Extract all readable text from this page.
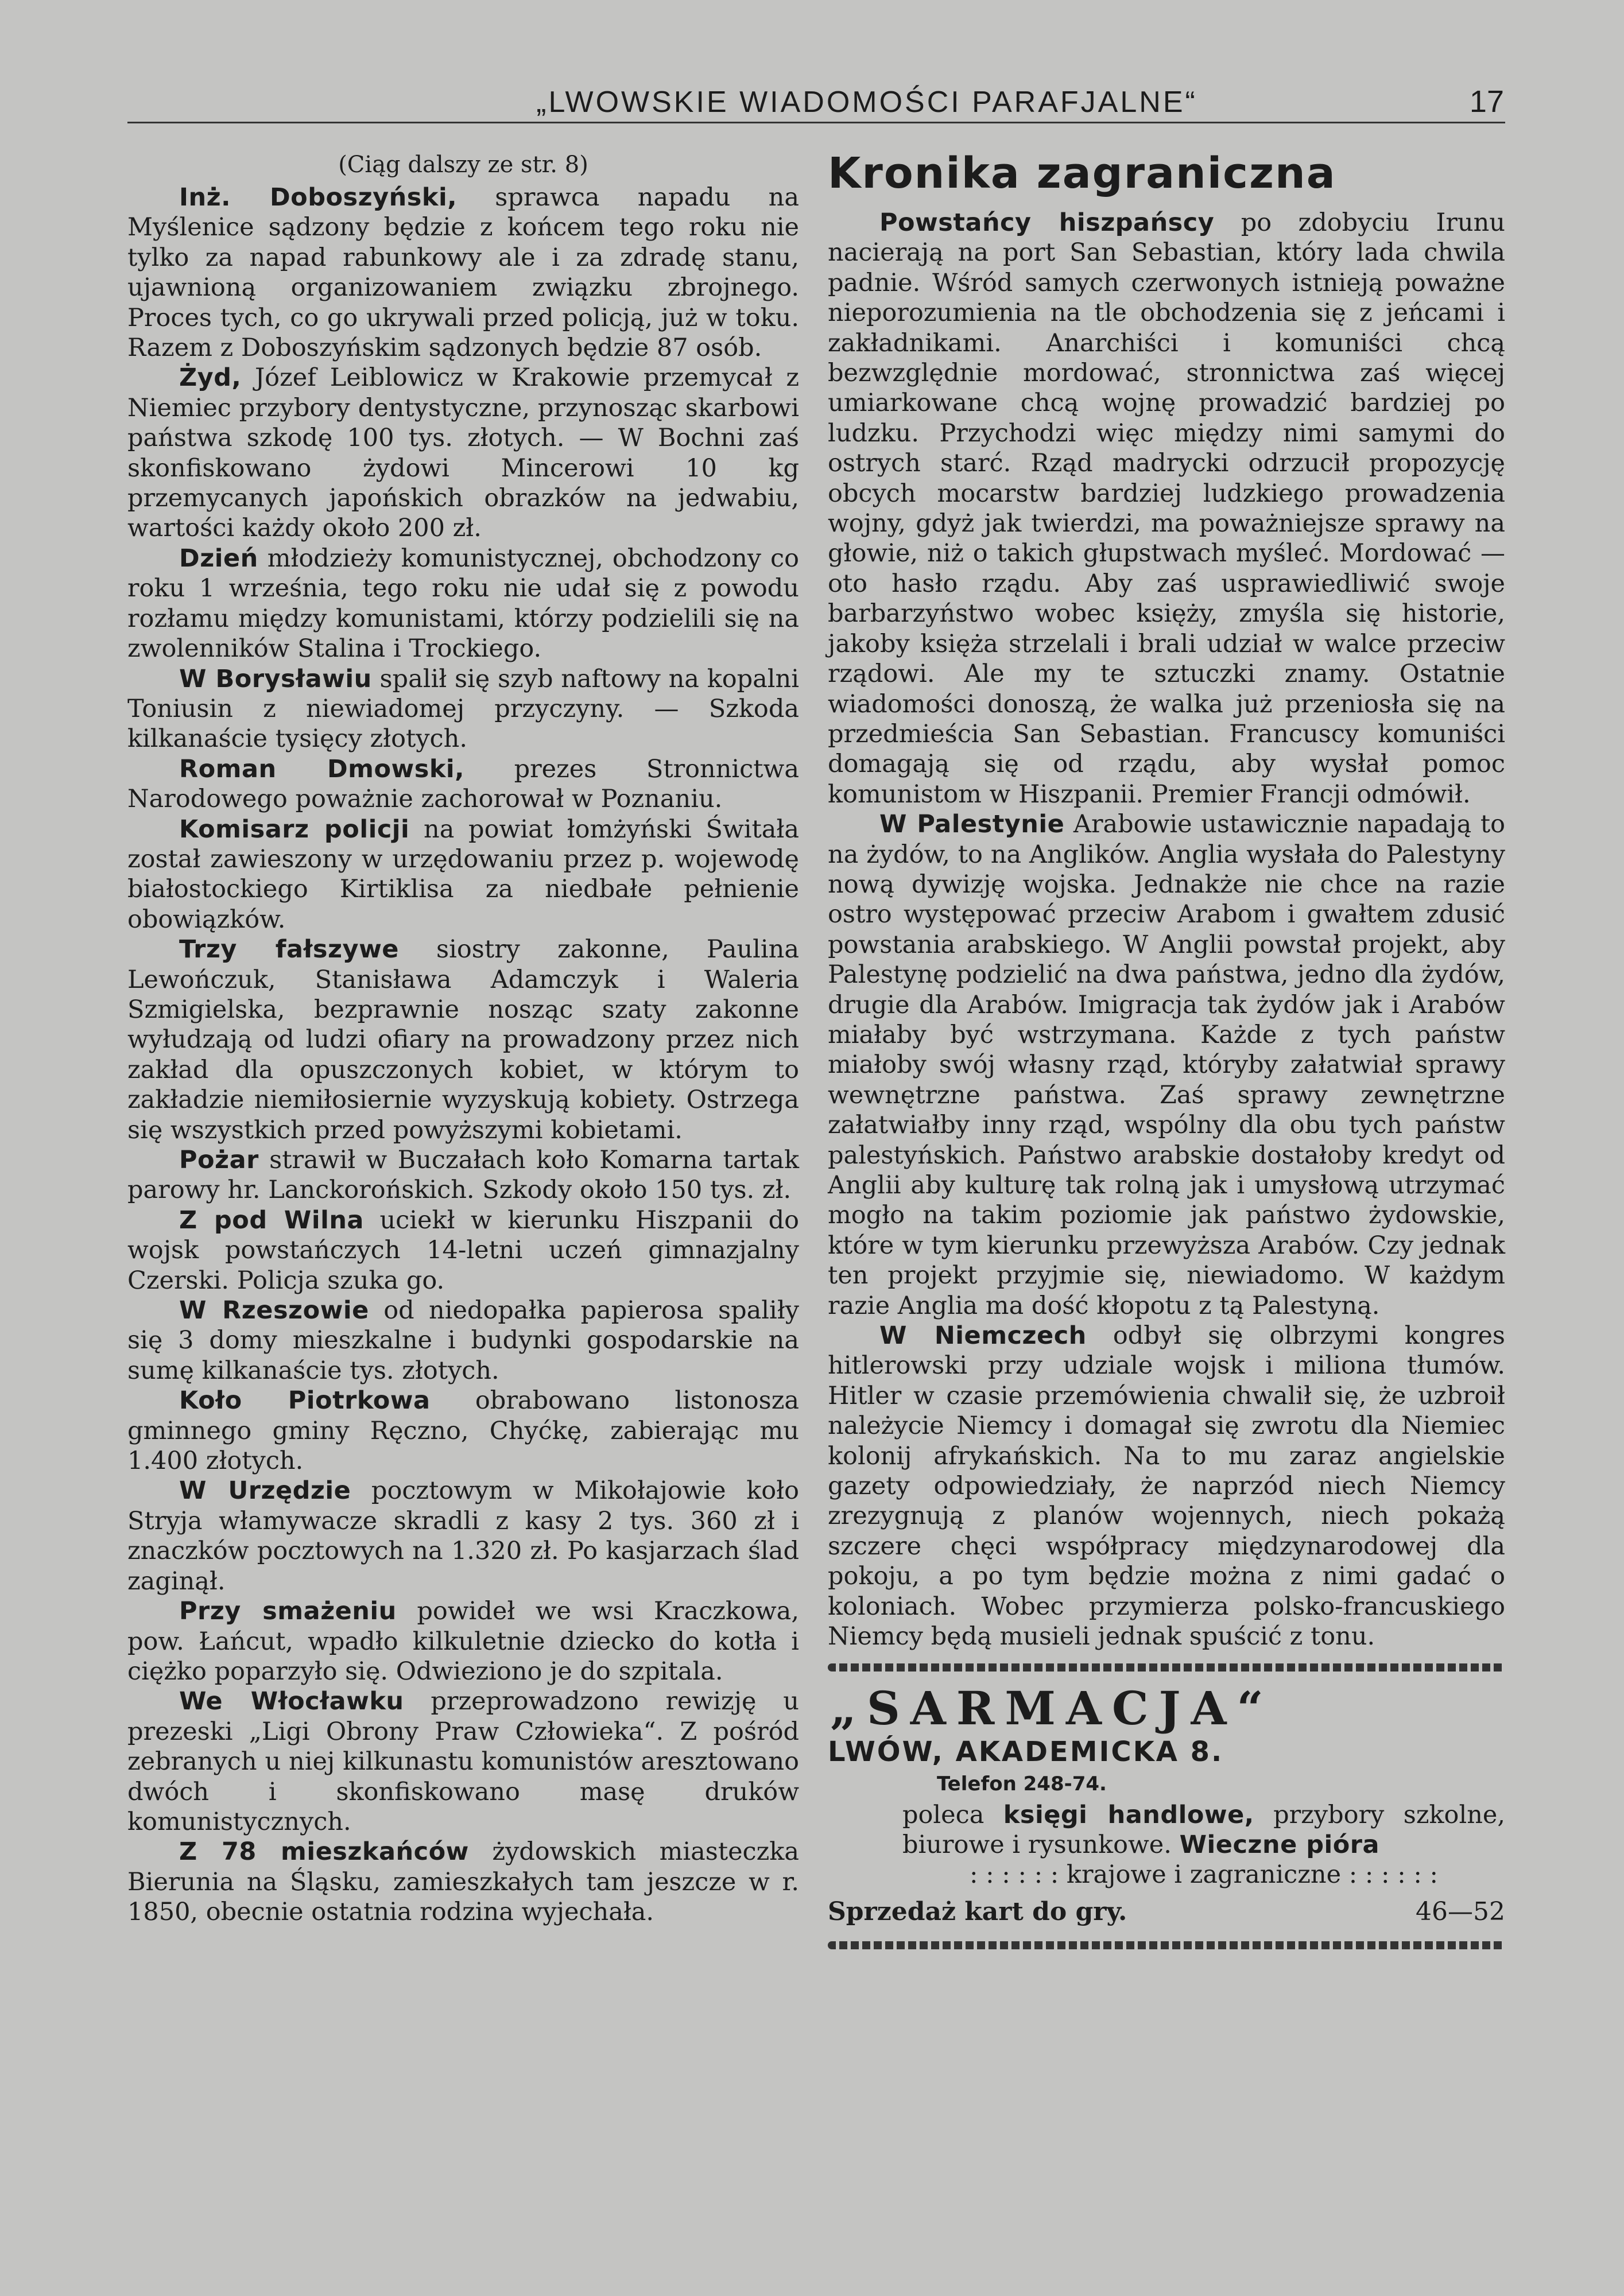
„LWOWSKIE WIADOMOŚCI PARAFJALNE“	17
(Ciąg dalszy ze str. 8)

Inż. Doboszyński, sprawca napadu na Myślenice sądzony będzie z końcem tego roku nie tylko za napad rabunkowy ale i za zdradę stanu, ujawnioną organizowaniem związku zbrojnego. Proces tych, co go ukrywali przed policją, już w toku. Razem z Doboszyńskim sądzonych będzie 87 osób.

Żyd, Józef Leiblowicz w Krakowie przemycał z Niemiec przybory dentystyczne, przynosząc skarbowi państwa szkodę 100 tys. złotych. — W Bochni zaś skonfiskowano żydowi Mincerowi 10 kg przemycanych japońskich obrazków na jedwabiu, wartości każdy około 200 zł.

Dzień młodzieży komunistycznej, obchodzony co roku 1 września, tego roku nie udał się z powodu rozłamu między komunistami, którzy podzielili się na zwolenników Stalina i Trockiego.

W Borysławiu spalił się szyb naftowy na kopalni Toniusin z niewiadomej przyczyny. — Szkoda kilkanaście tysięcy złotych.

Roman Dmowski, prezes Stronnictwa Narodowego poważnie zachorował w Poznaniu.

Komisarz policji na powiat łomżyński Świtała został zawieszony w urzędowaniu przez p. wojewodę białostockiego Kirtiklisa za niedbałe pełnienie obowiązków.

Trzy fałszywe siostry zakonne, Paulina Lewończuk, Stanisława Adamczyk i Waleria Szmigielska, bezprawnie nosząc szaty zakonne wyłudzają od ludzi ofiary na prowadzony przez nich zakład dla opuszczonych kobiet, w którym to zakładzie niemiłosiernie wyzyskują kobiety. Ostrzega się wszystkich przed powyższymi kobietami.

Pożar strawił w Buczałach koło Komarna tartak parowy hr. Lanckorońskich. Szkody około 150 tys. zł.

Z pod Wilna uciekł w kierunku Hiszpanii do wojsk powstańczych 14-letni uczeń gimnazjalny Czerski. Policja szuka go.

W Rzeszowie od niedopałka papierosa spaliły się 3 domy mieszkalne i budynki gospodarskie na sumę kilkanaście tys. złotych.

Koło Piotrkowa obrabowano listonosza gminnego gminy Ręczno, Chyćkę, zabierając mu 1.400 złotych.

W Urzędzie pocztowym w Mikołajowie koło Stryja włamywacze skradli z kasy 2 tys. 360 zł i znaczków pocztowych na 1.320 zł. Po kasjarzach ślad zaginął.

Przy smażeniu powideł we wsi Kraczkowa, pow. Łańcut, wpadło kilkuletnie dziecko do kotła i ciężko poparzyło się. Odwieziono je do szpitala.

We Włocławku przeprowadzono rewizję u prezeski „Ligi Obrony Praw Człowieka“. Z pośród zebranych u niej kilkunastu komunistów aresztowano dwóch i skonfiskowano masę druków komunistycznych.

Z 78 mieszkańców żydowskich miasteczka Bierunia na Śląsku, zamieszkałych tam jeszcze w r. 1850, obecnie ostatnia rodzina wyjechała.

Kronika zagraniczna

Powstańcy hiszpańscy po zdobyciu Irunu nacierają na port San Sebastian, który lada chwila padnie. Wśród samych czerwonych istnieją poważne nieporozumienia na tle obchodzenia się z jeńcami i zakładnikami. Anarchiści i komuniści chcą bezwzględnie mordować, stronnictwa zaś więcej umiarkowane chcą wojnę prowadzić bardziej po ludzku. Przychodzi więc między nimi samymi do ostrych starć. Rząd madrycki odrzucił propozycję obcych mocarstw bardziej ludzkiego prowadzenia wojny, gdyż jak twierdzi, ma poważniejsze sprawy na głowie, niż o takich głupstwach myśleć. Mordować — oto hasło rządu. Aby zaś usprawiedliwić swoje barbarzyństwo wobec księży, zmyśla się historie, jakoby księża strzelali i brali udział w walce przeciw rządowi. Ale my te sztuczki znamy. Ostatnie wiadomości donoszą, że walka już przeniosła się na przedmieścia San Sebastian. Francuscy komuniści domagają się od rządu, aby wysłał pomoc komunistom w Hiszpanii. Premier Francji odmówił.

W Palestynie Arabowie ustawicznie napadają to na żydów, to na Anglików. Anglia wysłała do Palestyny nową dywizję wojska. Jednakże nie chce na razie ostro występować przeciw Arabom i gwałtem zdusić powstania arabskiego. W Anglii powstał projekt, aby Palestynę podzielić na dwa państwa, jedno dla żydów, drugie dla Arabów. Imigracja tak żydów jak i Arabów miałaby być wstrzymana. Każde z tych państw miałoby swój własny rząd, któryby załatwiał sprawy wewnętrzne państwa. Zaś sprawy zewnętrzne załatwiałby inny rząd, wspólny dla obu tych państw palestyńskich. Państwo arabskie dostałoby kredyt od Anglii aby kulturę tak rolną jak i umysłową utrzymać mogło na takim poziomie jak państwo żydowskie, które w tym kierunku przewyższa Arabów. Czy jednak ten projekt przyjmie się, niewiadomo. W każdym razie Anglia ma dość kłopotu z tą Palestyną.

W Niemczech odbył się olbrzymi kongres hitlerowski przy udziale wojsk i miliona tłumów. Hitler w czasie przemówienia chwalił się, że uzbroił należycie Niemcy i domagał się zwrotu dla Niemiec kolonij afrykańskich. Na to mu zaraz angielskie gazety odpowiedziały, że naprzód niech Niemcy zrezygnują z planów wojennych, niech pokażą szczere chęci współpracy międzynarodowej dla pokoju, a po tym będzie można z nimi gadać o koloniach. Wobec przymierza polsko-francuskiego Niemcy będą musieli jednak spuścić z tonu.

„SARMACJA“
LWÓW, AKADEMICKA 8.
Telefon 248-74.
poleca księgi handlowe, przybory szkolne, biurowe i rysunkowe. Wieczne pióra
: : : : : : krajowe i zagraniczne : : : : : :
Sprzedaż kart do gry.	46—52
